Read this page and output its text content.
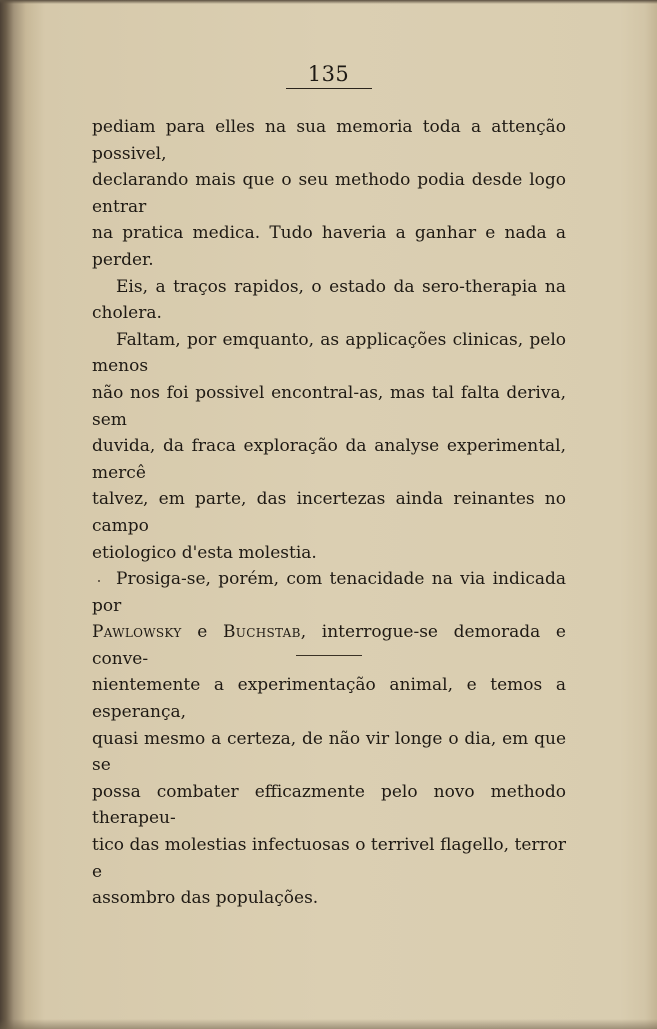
135

pediam para elles na sua memoria toda a attenção possivel,
declarando mais que o seu methodo podia desde logo entrar
na pratica medica. Tudo haveria a ganhar e nada a perder.

Eis, a traços rapidos, o estado da sero-therapia na cholera.

Faltam, por emquanto, as applicações clinicas, pelo menos
não nos foi possivel encontral-as, mas tal falta deriva, sem
duvida, da fraca exploração da analyse experimental, mercê
talvez, em parte, das incertezas ainda reinantes no campo
etiologico d'esta molestia.

Prosiga-se, porém, com tenacidade na via indicada por
Pawlowsky e Buchstab, interrogue-se demorada e conve-
nientemente a experimentação animal, e temos a esperança,
quasi mesmo a certeza, de não vir longe o dia, em que se
possa combater efficazmente pelo novo methodo therapeu-
tico das molestias infectuosas o terrivel flagello, terror e
assombro das populações.
